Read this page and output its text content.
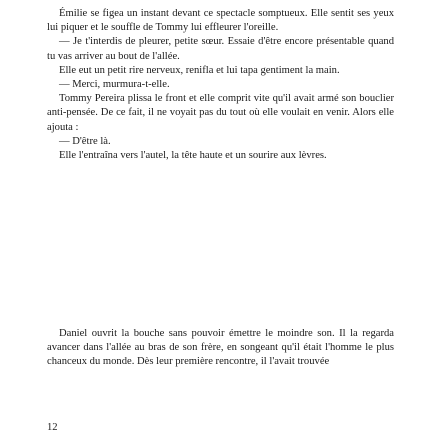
Émilie se figea un instant devant ce spectacle somptueux. Elle sentit ses yeux lui piquer et le souffle de Tommy lui effleurer l'oreille.

— Je t'interdis de pleurer, petite sœur. Essaie d'être encore présentable quand tu vas arriver au bout de l'allée.

Elle eut un petit rire nerveux, renifla et lui tapa gentiment la main.

— Merci, murmura-t-elle.

Tommy Pereira plissa le front et elle comprit vite qu'il avait armé son bouclier anti-pensée. De ce fait, il ne voyait pas du tout où elle voulait en venir. Alors elle ajouta :

— D'être là.

Elle l'entraîna vers l'autel, la tête haute et un sourire aux lèvres.

Daniel ouvrit la bouche sans pouvoir émettre le moindre son. Il la regarda avancer dans l'allée au bras de son frère, en songeant qu'il était l'homme le plus chanceux du monde. Dès leur première rencontre, il l'avait trouvée

12
